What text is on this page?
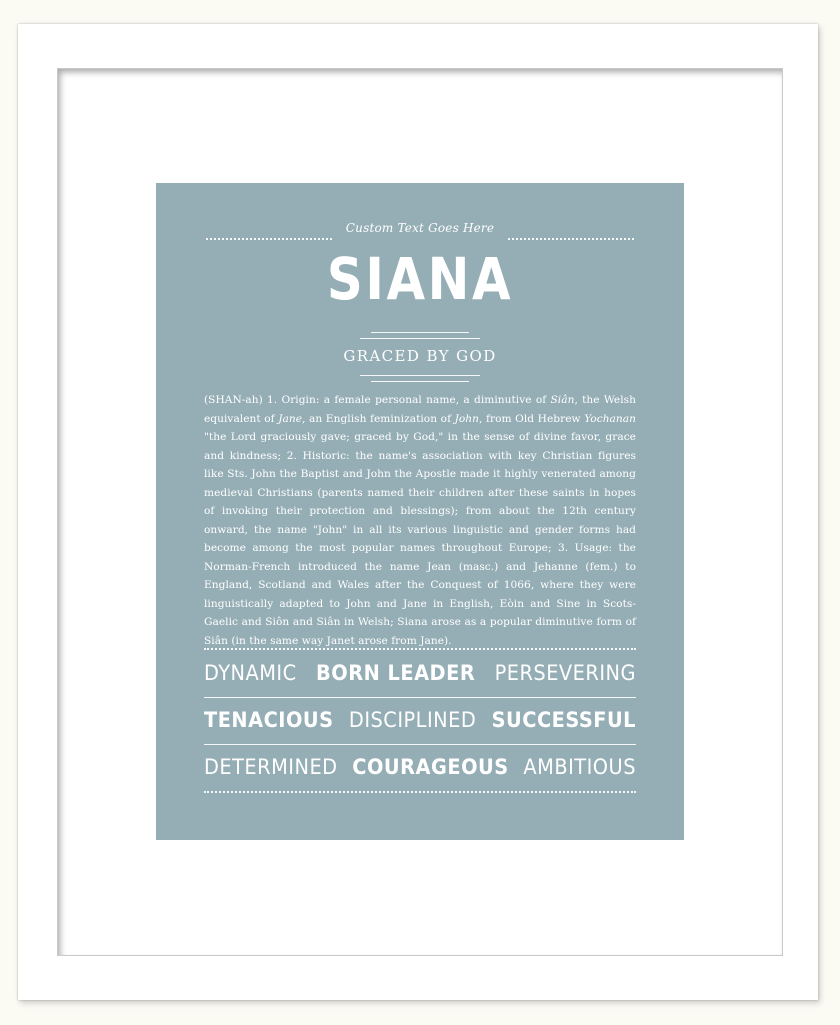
Custom Text Goes Here
SIANA
GRACED BY GOD
(SHAN-ah) 1. Origin: a female personal name, a diminutive of Siân, the Welsh equivalent of Jane, an English feminization of John, from Old Hebrew Yochanan "the Lord graciously gave; graced by God," in the sense of divine favor, grace and kindness; 2. Historic: the name's association with key Christian figures like Sts. John the Baptist and John the Apostle made it highly venerated among medieval Christians (parents named their children after these saints in hopes of invoking their protection and blessings); from about the 12th century onward, the name "John" in all its various linguistic and gender forms had become among the most popular names throughout Europe; 3. Usage: the Norman-French introduced the name Jean (masc.) and Jehanne (fem.) to England, Scotland and Wales after the Conquest of 1066, where they were linguistically adapted to John and Jane in English, Eòin and Sine in Scots-Gaelic and Siôn and Siân in Welsh; Siana arose as a popular diminutive form of Siân (in the same way Janet arose from Jane).
DYNAMIC BORN LEADER PERSEVERING
TENACIOUS DISCIPLINED SUCCESSFUL
DETERMINED COURAGEOUS AMBITIOUS
